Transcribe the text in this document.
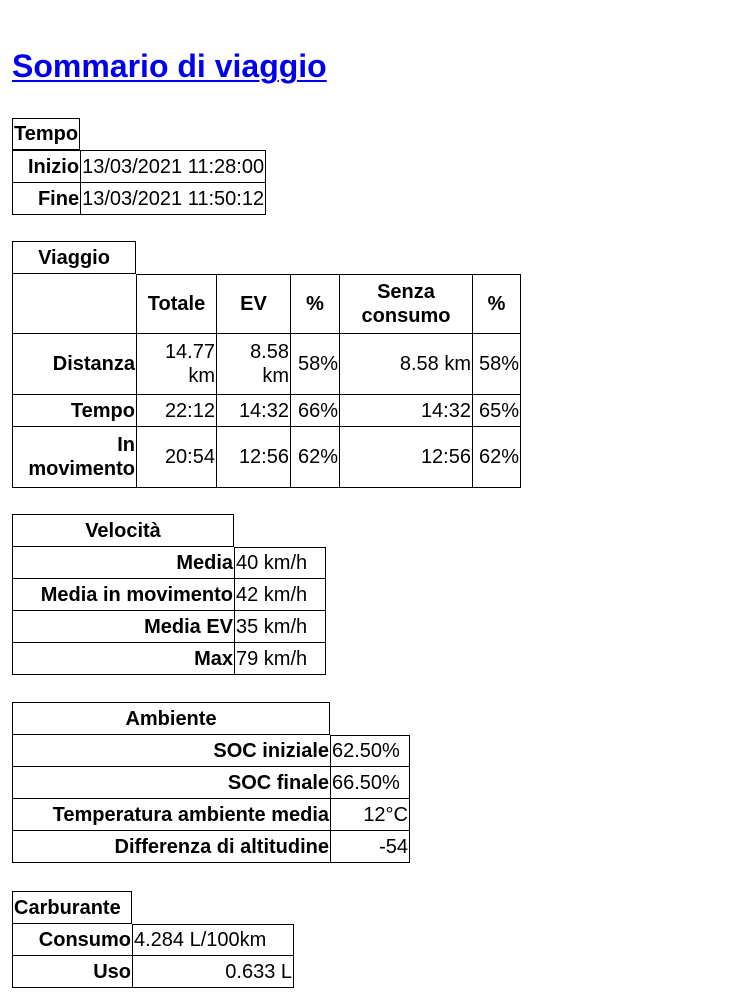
Sommario di viaggio
Tempo	
Inizio	13/03/2021 11:28:00
Fine	13/03/2021 11:50:12
Viaggio					
	Totale	EV	%	Senza consumo	%
Distanza	14.77 km	8.58 km	58%	8.58 km	58%
Tempo	22:12	14:32	66%	14:32	65%
In movimento	20:54	12:56	62%	12:56	62%
Velocità	
Media	40 km/h
Media in movimento	42 km/h
Media EV	35 km/h
Max	79 km/h
Ambiente	
SOC iniziale	62.50%
SOC finale	66.50%
Temperatura ambiente media	12°C
Differenza di altitudine	-54
Carburante	
Consumo	4.284 L/100km
Uso	0.633 L
